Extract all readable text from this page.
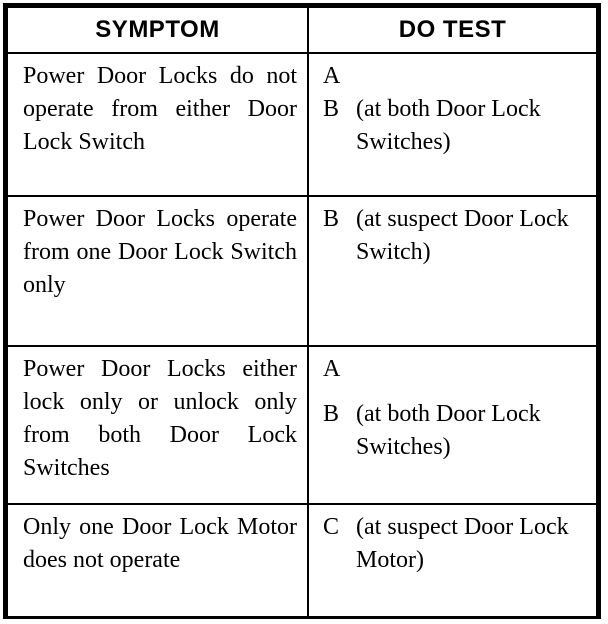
SYMPTOM	DO TEST
Power Door Locks do not operate from either Door Lock Switch	A
B (at both Door Lock Switches)

Power Door Locks operate from one Door Lock Switch only	B (at suspect Door Lock Switch)

Power Door Locks either lock only or unlock only from both Door Lock Switches	A
B (at both Door Lock Switches)

Only one Door Lock Motor does not operate	C (at suspect Door Lock Motor)
